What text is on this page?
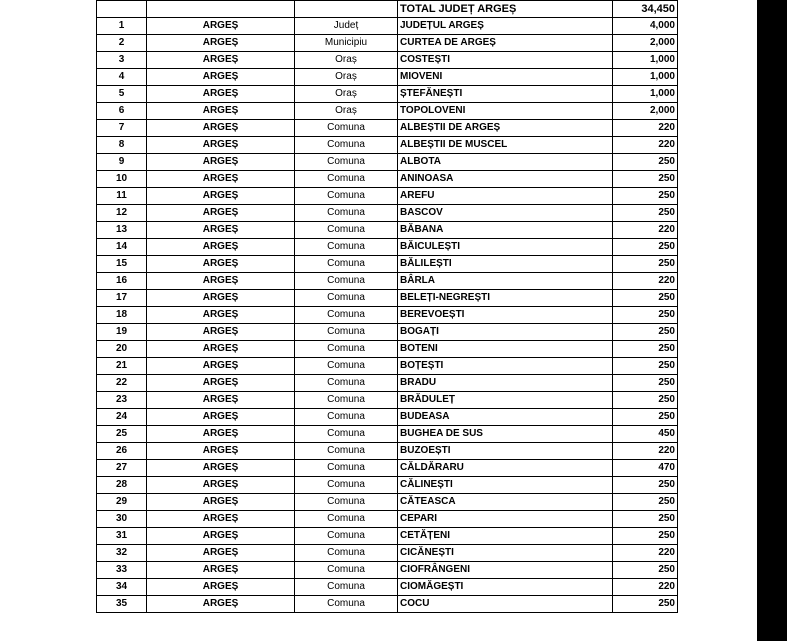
			TOTAL JUDEȚ ARGEȘ	34,450
1	ARGEȘ	Județ	JUDEȚUL ARGEȘ	4,000
2	ARGEȘ	Municipiu	CURTEA DE ARGEȘ	2,000
3	ARGEȘ	Oraș	COSTEȘTI	1,000
4	ARGEȘ	Oraș	MIOVENI	1,000
5	ARGEȘ	Oraș	ȘTEFĂNEȘTI	1,000
6	ARGEȘ	Oraș	TOPOLOVENI	2,000
7	ARGEȘ	Comuna	ALBEȘTII DE ARGEȘ	220
8	ARGEȘ	Comuna	ALBEȘTII DE MUSCEL	220
9	ARGEȘ	Comuna	ALBOTA	250
10	ARGEȘ	Comuna	ANINOASA	250
11	ARGEȘ	Comuna	AREFU	250
12	ARGEȘ	Comuna	BASCOV	250
13	ARGEȘ	Comuna	BĂBANA	220
14	ARGEȘ	Comuna	BĂICULEȘTI	250
15	ARGEȘ	Comuna	BĂLILEȘTI	250
16	ARGEȘ	Comuna	BÂRLA	220
17	ARGEȘ	Comuna	BELEȚI-NEGREȘTI	250
18	ARGEȘ	Comuna	BEREVOEȘTI	250
19	ARGEȘ	Comuna	BOGAȚI	250
20	ARGEȘ	Comuna	BOTENI	250
21	ARGEȘ	Comuna	BOȚEȘTI	250
22	ARGEȘ	Comuna	BRADU	250
23	ARGEȘ	Comuna	BRĂDULEȚ	250
24	ARGEȘ	Comuna	BUDEASA	250
25	ARGEȘ	Comuna	BUGHEA DE SUS	450
26	ARGEȘ	Comuna	BUZOEȘTI	220
27	ARGEȘ	Comuna	CĂLDĂRARU	470
28	ARGEȘ	Comuna	CĂLINEȘTI	250
29	ARGEȘ	Comuna	CĂTEASCA	250
30	ARGEȘ	Comuna	CEPARI	250
31	ARGEȘ	Comuna	CETĂȚENI	250
32	ARGEȘ	Comuna	CICĂNEȘTI	220
33	ARGEȘ	Comuna	CIOFRÂNGENI	250
34	ARGEȘ	Comuna	CIOMĂGEȘTI	220
35	ARGEȘ	Comuna	COCU	250
